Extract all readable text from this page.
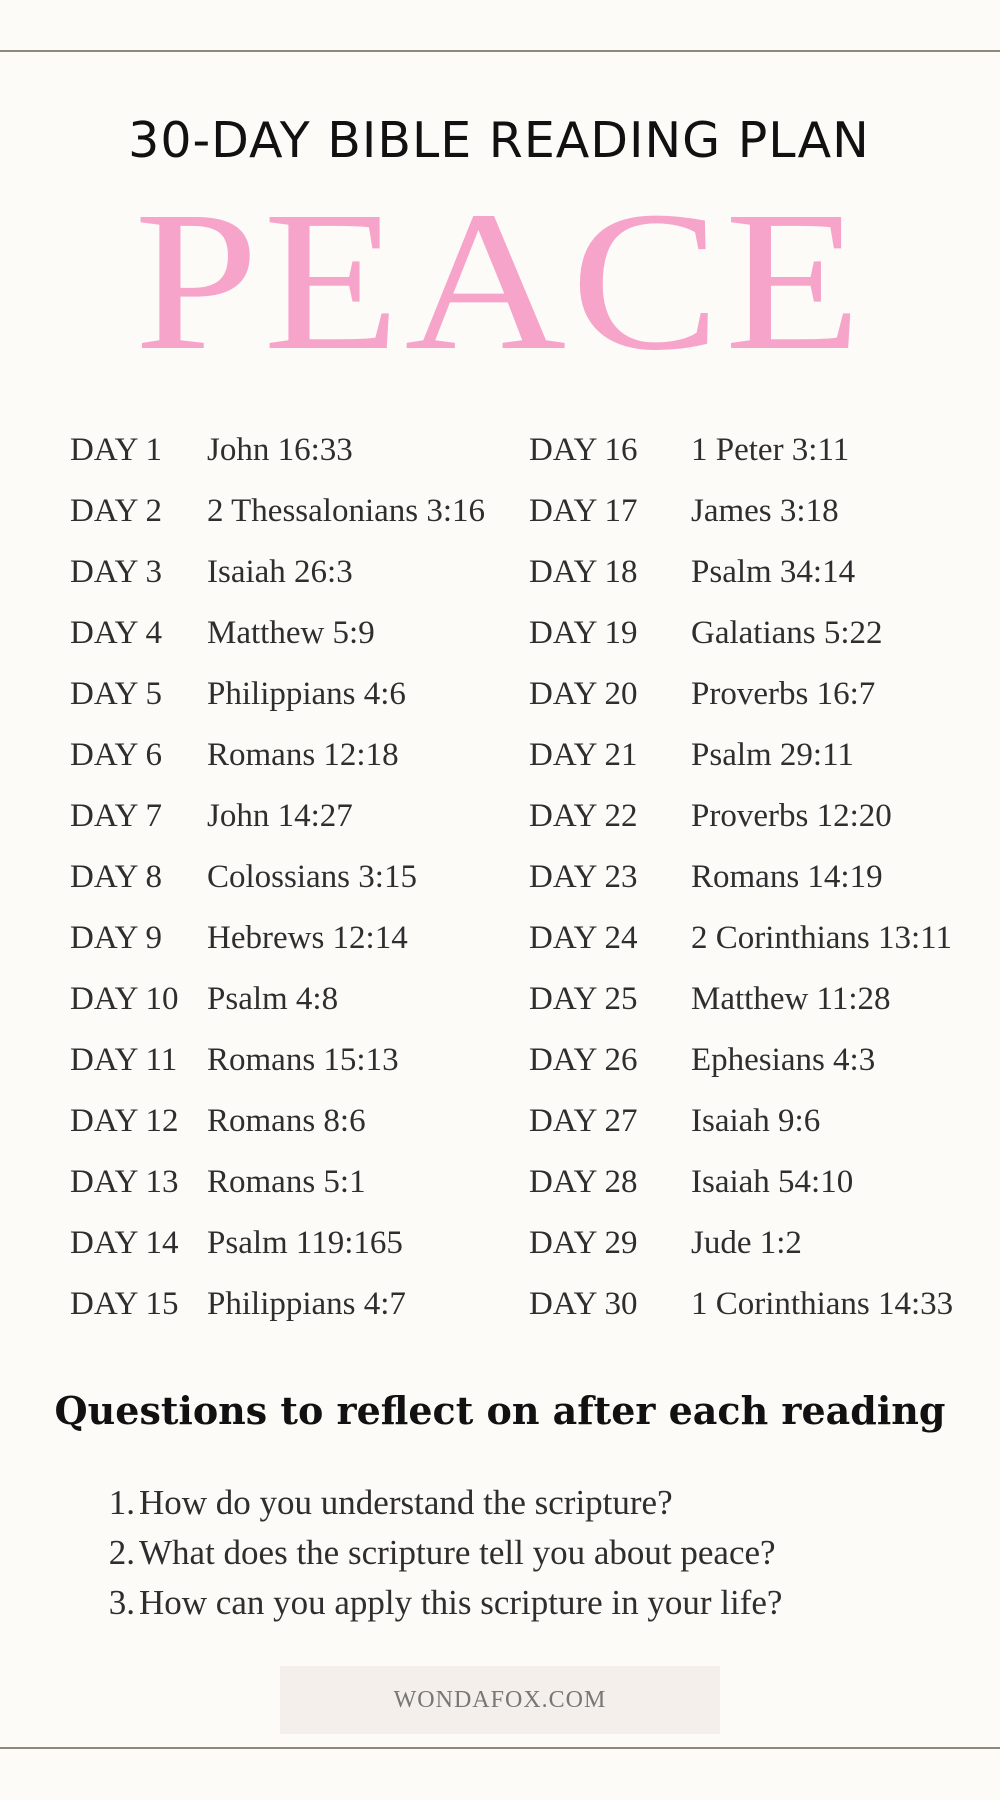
30-DAY BIBLE READING PLAN
PEACE
DAY 1	John 16:33
DAY 2	2 Thessalonians 3:16
DAY 3	Isaiah 26:3
DAY 4	Matthew 5:9
DAY 5	Philippians 4:6
DAY 6	Romans 12:18
DAY 7	John 14:27
DAY 8	Colossians 3:15
DAY 9	Hebrews 12:14
DAY 10 Psalm 4:8
DAY 11 Romans 15:13
DAY 12 Romans 8:6
DAY 13 Romans 5:1
DAY 14 Psalm 119:165
DAY 15 Philippians 4:7
DAY 16	1 Peter 3:11
DAY 17	James 3:18
DAY 18	Psalm 34:14
DAY 19	Galatians 5:22
DAY 20	Proverbs 16:7
DAY 21	Psalm 29:11
DAY 22	Proverbs 12:20
DAY 23	Romans 14:19
DAY 24	2 Corinthians 13:11
DAY 25	Matthew 11:28
DAY 26	Ephesians 4:3
DAY 27	Isaiah 9:6
DAY 28	Isaiah 54:10
DAY 29	Jude 1:2
DAY 30	1 Corinthians 14:33
Questions to reflect on after each reading
1. How do you understand the scripture?
2. What does the scripture tell you about peace?
3. How can you apply this scripture in your life?
WONDAFOX.COM
